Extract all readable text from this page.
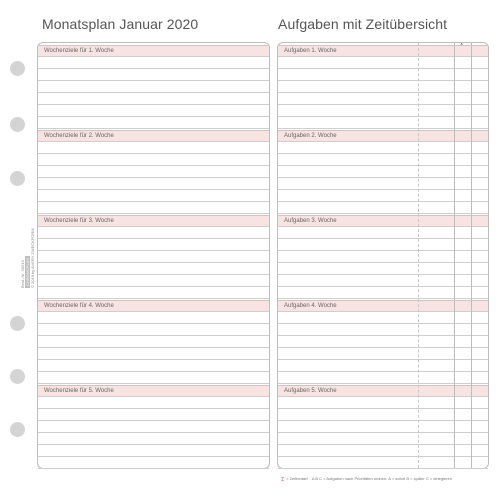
Monatsplan Januar 2020	Aufgaben mit Zeitübersicht
Best.-Nr. 50510 CHRONOPLAN © 2019 by AVERY ZWECKFORM
Wochenziele für 1. Woche
Wochenziele für 2. Woche
Wochenziele für 3. Woche
Wochenziele für 4. Woche
Wochenziele für 5. Woche
Aufgaben 1. Woche
Aufgaben 2. Woche
Aufgaben 3. Woche
Aufgaben 4. Woche
Aufgaben 5. Woche
= Zeitbedarf A B C = Aufgaben nach Prioritäten ordnen: A = sofort B = später C = delegieren
